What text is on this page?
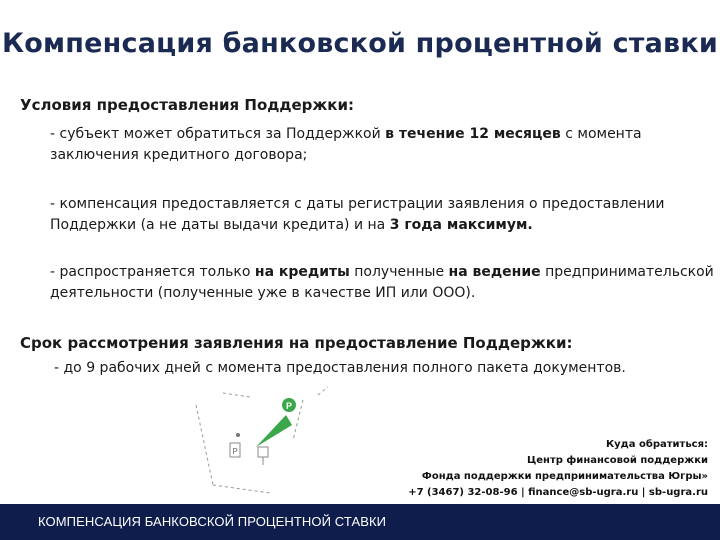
Компенсация банковской процентной ставки
Условия предоставления Поддержки:
- субъект может обратиться за Поддержкой в течение 12 месяцев с момента
заключения кредитного договора;
- компенсация предоставляется с даты регистрации заявления о предоставлении
Поддержки (а не даты выдачи кредита) и на 3 года максимум.
- распространяется только на кредиты полученные на ведение предпринимательской
деятельности (полученные уже в качестве ИП или ООО).
Срок рассмотрения заявления на предоставление Поддержки:
- до 9 рабочих дней с момента предоставления полного пакета документов.
P
P
Куда обратиться:
Центр финансовой поддержки
Фонда поддержки предпринимательства Югры»
+7 (3467) 32-08-96 | finance@sb-ugra.ru | sb-ugra.ru
КОМПЕНСАЦИЯ БАНКОВСКОЙ ПРОЦЕНТНОЙ СТАВКИ
